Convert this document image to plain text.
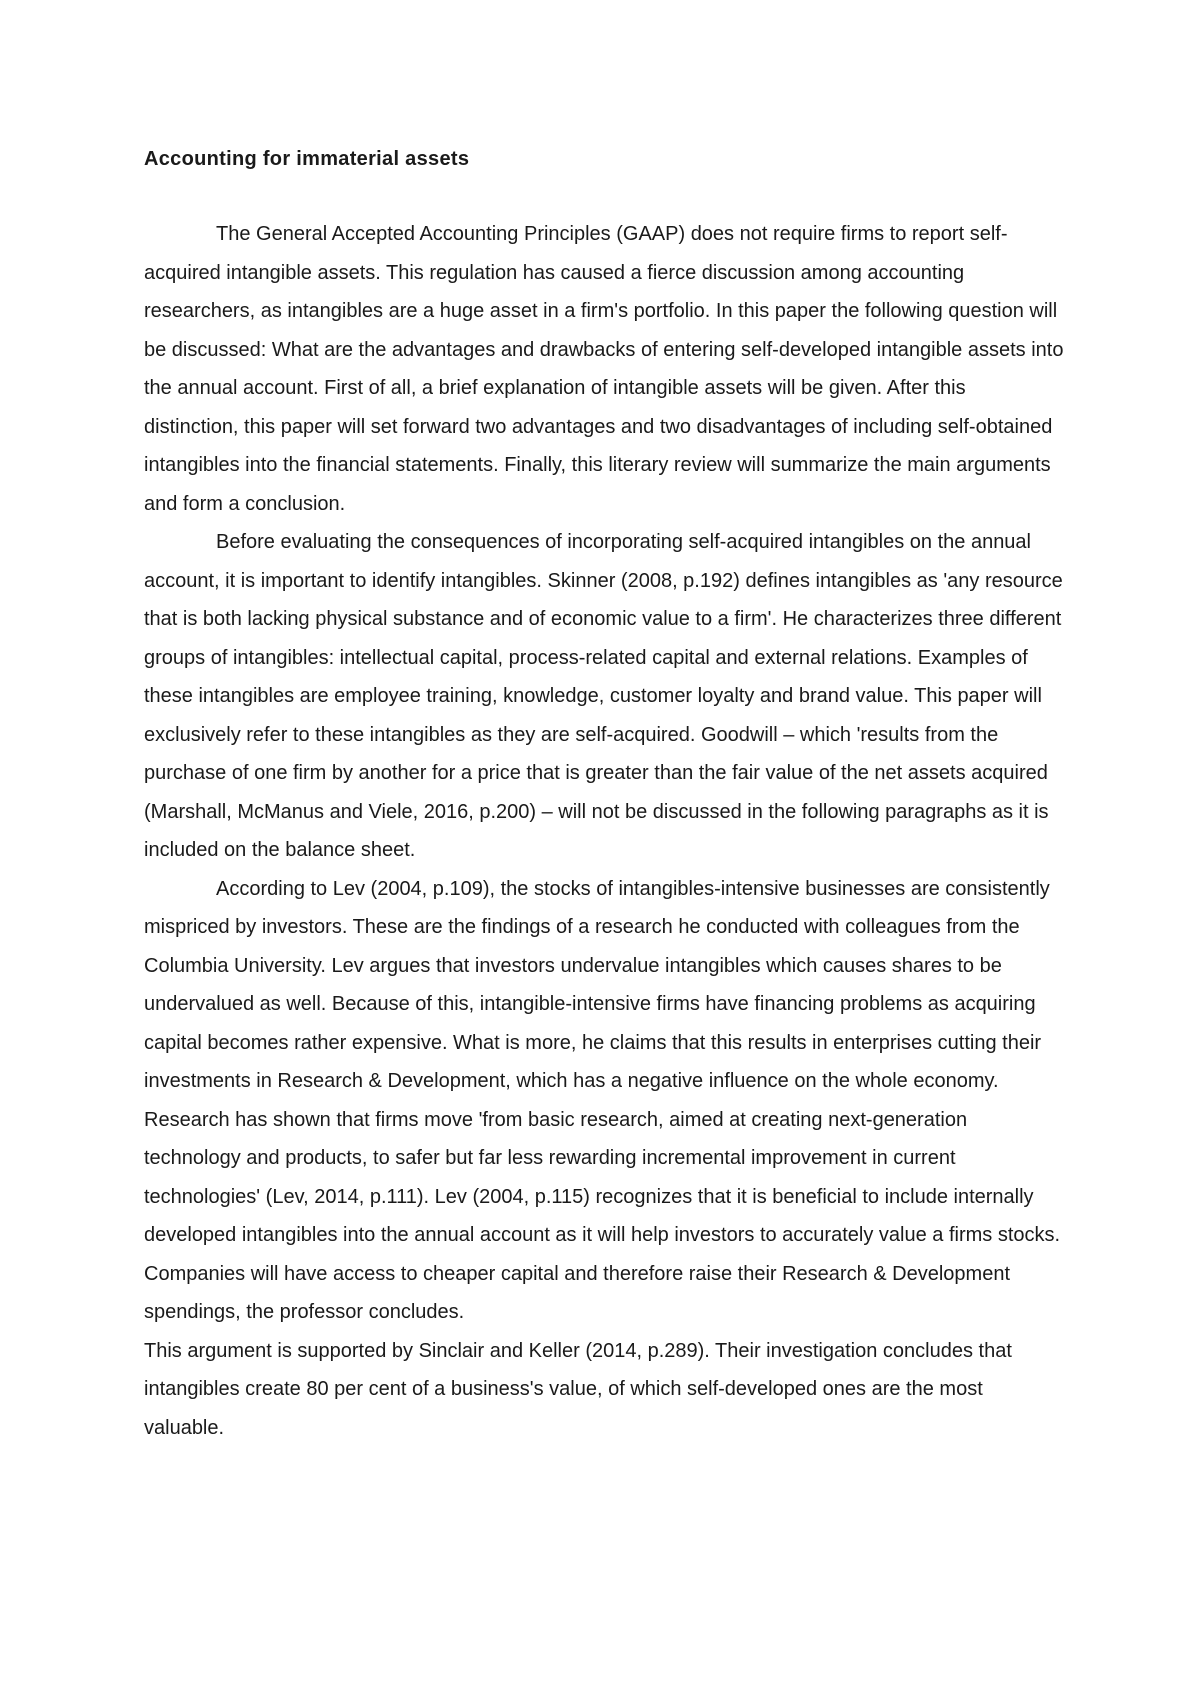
Accounting for immaterial assets

The General Accepted Accounting Principles (GAAP) does not require firms to report self-acquired intangible assets. This regulation has caused a fierce discussion among accounting researchers, as intangibles are a huge asset in a firm's portfolio. In this paper the following question will be discussed: What are the advantages and drawbacks of entering self-developed intangible assets into the annual account. First of all, a brief explanation of intangible assets will be given. After this distinction, this paper will set forward two advantages and two disadvantages of including self-obtained intangibles into the financial statements. Finally, this literary review will summarize the main arguments and form a conclusion.

Before evaluating the consequences of incorporating self-acquired intangibles on the annual account, it is important to identify intangibles. Skinner (2008, p.192) defines intangibles as 'any resource that is both lacking physical substance and of economic value to a firm'. He characterizes three different groups of intangibles: intellectual capital, process-related capital and external relations. Examples of these intangibles are employee training, knowledge, customer loyalty and brand value. This paper will exclusively refer to these intangibles as they are self-acquired. Goodwill – which 'results from the purchase of one firm by another for a price that is greater than the fair value of the net assets acquired (Marshall, McManus and Viele, 2016, p.200) – will not be discussed in the following paragraphs as it is included on the balance sheet.

According to Lev (2004, p.109), the stocks of intangibles-intensive businesses are consistently mispriced by investors. These are the findings of a research he conducted with colleagues from the Columbia University. Lev argues that investors undervalue intangibles which causes shares to be undervalued as well. Because of this, intangible-intensive firms have financing problems as acquiring capital becomes rather expensive. What is more, he claims that this results in enterprises cutting their investments in Research & Development, which has a negative influence on the whole economy. Research has shown that firms move 'from basic research, aimed at creating next-generation technology and products, to safer but far less rewarding incremental improvement in current technologies' (Lev, 2014, p.111). Lev (2004, p.115) recognizes that it is beneficial to include internally developed intangibles into the annual account as it will help investors to accurately value a firms stocks. Companies will have access to cheaper capital and therefore raise their Research & Development spendings, the professor concludes.

This argument is supported by Sinclair and Keller (2014, p.289). Their investigation concludes that intangibles create 80 per cent of a business's value, of which self-developed ones are the most valuable.
